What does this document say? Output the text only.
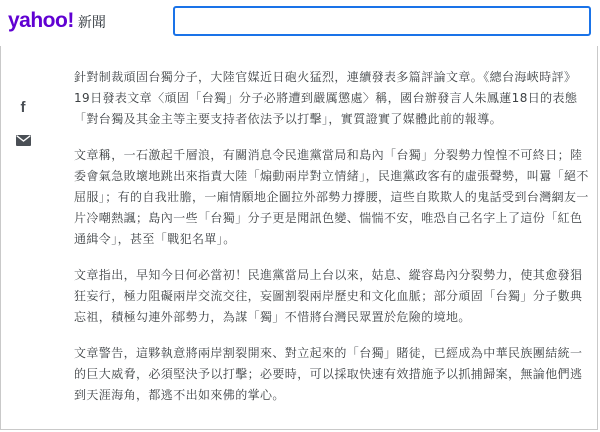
yahoo! 新聞
f

針對制裁頑固台獨分子，大陸官媒近日砲火猛烈，連續發表多篇評論文章。《總台海峽時評》19日發表文章〈頑固「台獨」分子必將遭到嚴厲懲處〉稱，國台辦發言人朱鳳蓮18日的表態「對台獨及其金主等主要支持者依法予以打擊」，實質證實了媒體此前的報導。

文章稱，一石激起千層浪，有關消息令民進黨當局和島內「台獨」分裂勢力惶惶不可終日；陸委會氣急敗壞地跳出來指責大陸「煽動兩岸對立情緒」，民進黨政客有的虛張聲勢，叫囂「絕不屈服」；有的自我壯膽，一廂情願地企圖拉外部勢力撐腰，這些自欺欺人的鬼話受到台灣網友一片冷嘲熱諷；島內一些「台獨」分子更是聞訊色變、惴惴不安，唯恐自己名字上了這份「紅色通緝令」，甚至「戰犯名單」。

文章指出，早知今日何必當初！民進黨當局上台以來，姑息、縱容島內分裂勢力，使其愈發猖狂妄行，極力阻礙兩岸交流交往，妄圖割裂兩岸歷史和文化血脈；部分頑固「台獨」分子數典忘祖，積極勾連外部勢力，為謀「獨」不惜將台灣民眾置於危險的境地。

文章警告，這夥執意將兩岸割裂開來、對立起來的「台獨」賭徒，已經成為中華民族團結統一的巨大威脅，必須堅決予以打擊；必要時，可以採取快速有效措施予以抓捕歸案，無論他們逃到天涯海角，都逃不出如來佛的掌心。
